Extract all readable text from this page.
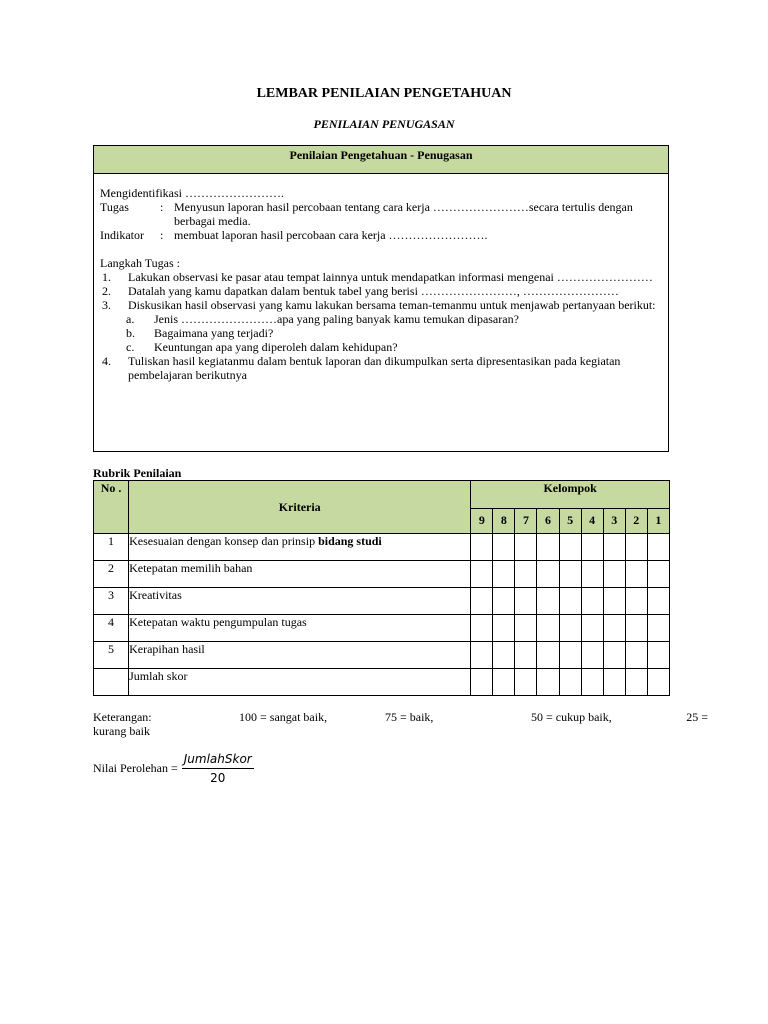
LEMBAR PENILAIAN PENGETAHUAN
PENILAIAN PENUGASAN
Penilaian Pengetahuan - Penugasan
Mengidentifikasi …………………….
Tugas	: Menyusun laporan hasil percobaan tentang cara kerja ……………………secara tertulis dengan berbagai media.
Indikator	: membuat laporan hasil percobaan cara kerja …………………….
Langkah Tugas :
1.	Lakukan observasi ke pasar atau tempat lainnya untuk mendapatkan informasi mengenai ……………………
2.	Datalah yang kamu dapatkan dalam bentuk tabel yang berisi ……………………, ……………………
3.	Diskusikan hasil observasi yang kamu lakukan bersama teman-temanmu untuk menjawab pertanyaan berikut:
a.	Jenis ……………………apa yang paling banyak kamu temukan dipasaran?
b.	Bagaimana yang terjadi?
c.	Keuntungan apa yang diperoleh dalam kehidupan?
4.	Tuliskan hasil kegiatanmu dalam bentuk laporan dan dikumpulkan serta dipresentasikan pada kegiatan pembelajaran berikutnya
Rubrik Penilaian
No .	Kriteria	Kelompok								
		9	8	7	6	5	4	3	2	1
1	Kesesuaian dengan konsep dan prinsip bidang studi									
2	Ketepatan memilih bahan									
3	Kreativitas									
4	Ketepatan waktu pengumpulan tugas									
5	Kerapihan hasil									
	Jumlah skor									
Keterangan:	100 = sangat baik,	75 = baik,	50 = cukup baik,	25 =
kurang baik
Nilai Perolehan = $\frac{\text{JumlahSkor}}{20}$
